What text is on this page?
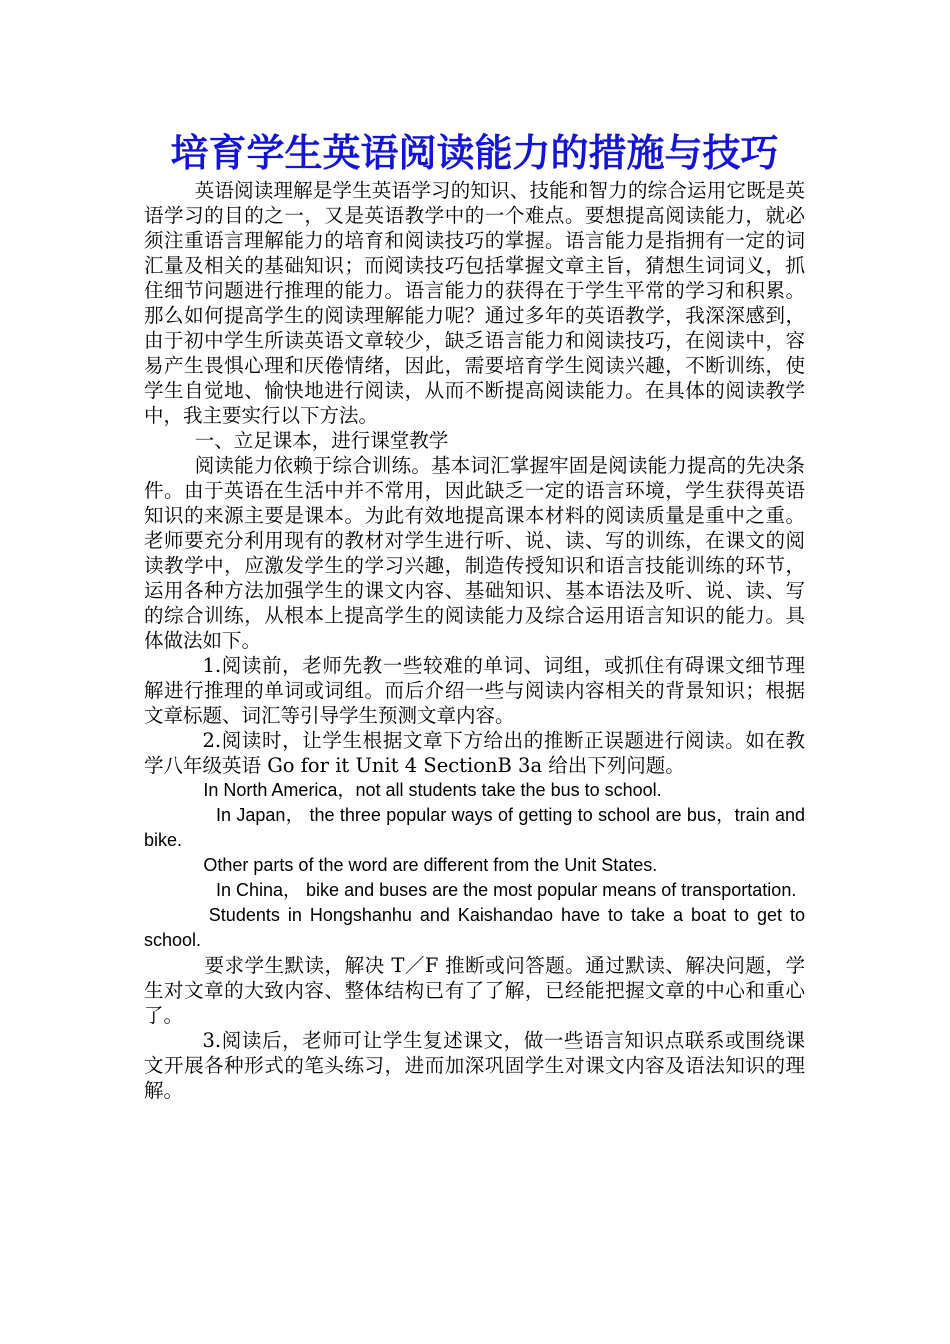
培育学生英语阅读能力的措施与技巧

英语阅读理解是学生英语学习的知识、技能和智力的综合运用它既是英语学习的目的之一，又是英语教学中的一个难点。要想提高阅读能力，就必须注重语言理解能力的培育和阅读技巧的掌握。语言能力是指拥有一定的词汇量及相关的基础知识；而阅读技巧包括掌握文章主旨，猜想生词词义，抓住细节问题进行推理的能力。语言能力的获得在于学生平常的学习和积累。那么如何提高学生的阅读理解能力呢？通过多年的英语教学，我深深感到，由于初中学生所读英语文章较少，缺乏语言能力和阅读技巧，在阅读中，容易产生畏惧心理和厌倦情绪，因此，需要培育学生阅读兴趣，不断训练，使学生自觉地、愉快地进行阅读，从而不断提高阅读能力。在具体的阅读教学中，我主要实行以下方法。

一、立足课本，进行课堂教学

阅读能力依赖于综合训练。基本词汇掌握牢固是阅读能力提高的先决条件。由于英语在生活中并不常用，因此缺乏一定的语言环境，学生获得英语知识的来源主要是课本。为此有效地提高课本材料的阅读质量是重中之重。老师要充分利用现有的教材对学生进行听、说、读、写的训练，在课文的阅读教学中，应激发学生的学习兴趣，制造传授知识和语言技能训练的环节，运用各种方法加强学生的课文内容、基础知识、基本语法及听、说、读、写的综合训练，从根本上提高学生的阅读能力及综合运用语言知识的能力。具体做法如下。

1.阅读前，老师先教一些较难的单词、词组，或抓住有碍课文细节理解进行推理的单词或词组。而后介绍一些与阅读内容相关的背景知识；根据文章标题、词汇等引导学生预测文章内容。

2.阅读时，让学生根据文章下方给出的推断正误题进行阅读。如在教学八年级英语 Go for it Unit 4 SectionB 3a 给出下列问题。

In North America，not all students take the bus to school.

In Japan， the three popular ways of getting to school are bus，train and bike.

Other parts of the word are different from the Unit States.

In China， bike and buses are the most popular means of transportation.

Students in Hongshanhu and Kaishandao have to take a boat to get to school.

要求学生默读，解决 T／F 推断或问答题。通过默读、解决问题，学生对文章的大致内容、整体结构已有了了解，已经能把握文章的中心和重心了。

3.阅读后，老师可让学生复述课文，做一些语言知识点联系或围绕课文开展各种形式的笔头练习，进而加深巩固学生对课文内容及语法知识的理解。
